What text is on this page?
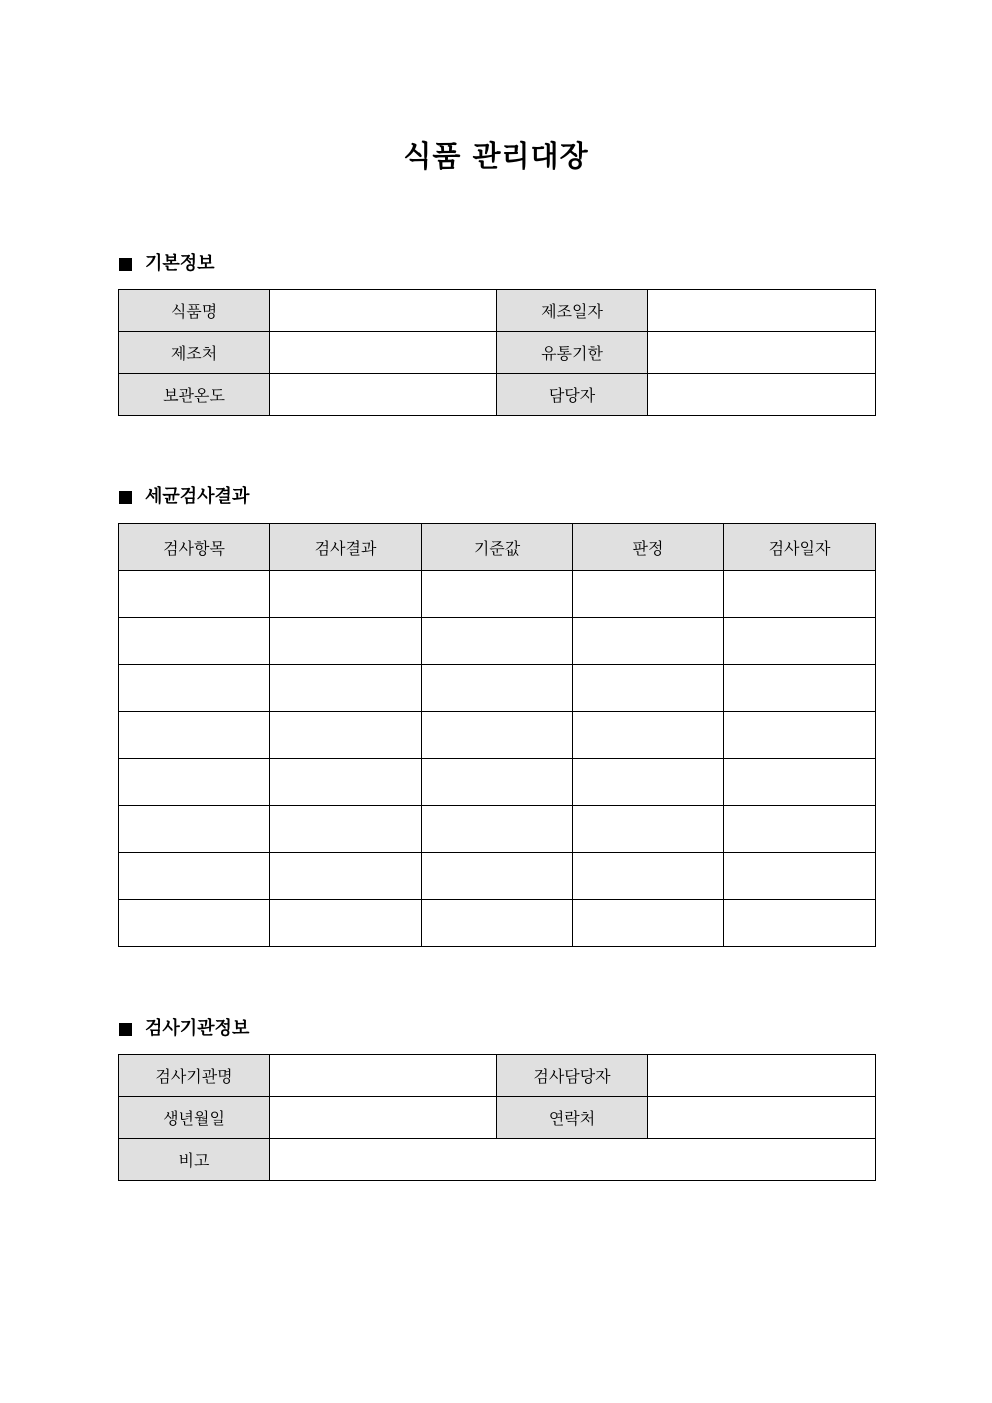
식품 관리대장
기본정보
식품명		제조일자	
제조처		유통기한	
보관온도		담당자	
세균검사결과
검사항목	검사결과	기준값	판정	검사일자

검사기관정보
검사기관명		검사담당자	
생년월일		연락처	
비고			
